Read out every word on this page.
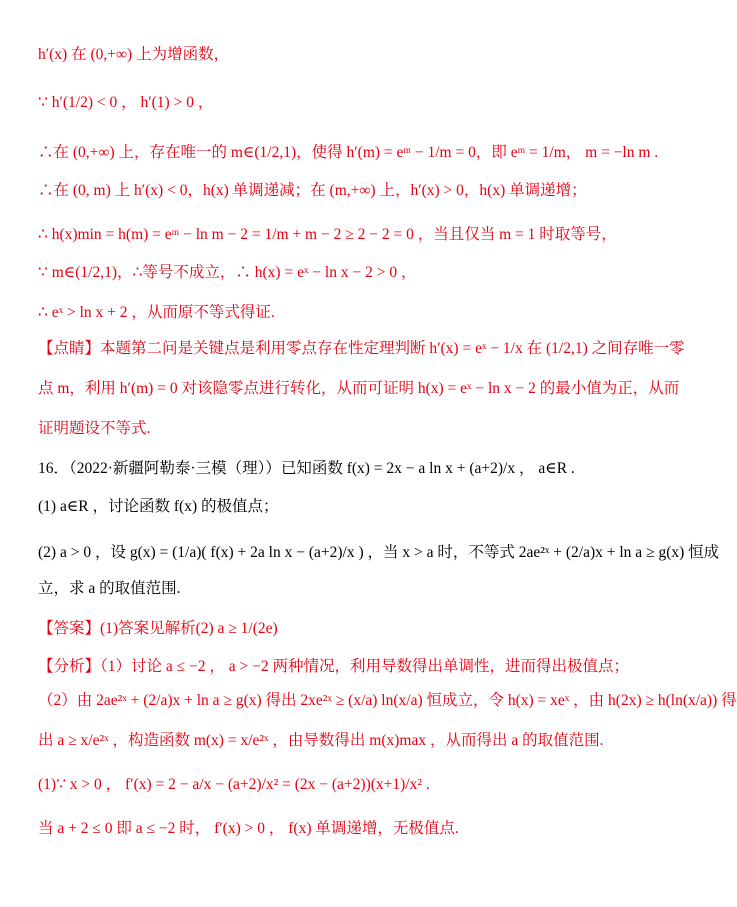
h′(x) 在 (0,+∞) 上为增函数，
∵ h′(1/2) < 0 ， h′(1) > 0 ，
∴在 (0,+∞) 上，存在唯一的 m∈(1/2,1)，使得 h′(m) = eᵐ − 1/m = 0，即 eᵐ = 1/m， m = −ln m .
∴在 (0, m) 上 h′(x) < 0，h(x) 单调递减；在 (m,+∞) 上，h′(x) > 0，h(x) 单调递增；
∴ h(x)min = h(m) = eᵐ − ln m − 2 = 1/m + m − 2 ≥ 2 − 2 = 0 ，当且仅当 m = 1 时取等号，
∵ m∈(1/2,1)，∴等号不成立，∴ h(x) = eˣ − ln x − 2 > 0 ，
∴ eˣ > ln x + 2 ，从而原不等式得证.
【点睛】本题第二问是关键点是利用零点存在性定理判断 h′(x) = eˣ − 1/x 在 (1/2,1) 之间存唯一零
点 m，利用 h′(m) = 0 对该隐零点进行转化，从而可证明 h(x) = eˣ − ln x − 2 的最小值为正，从而
证明题设不等式.
16．（2022·新疆阿勒泰·三模（理））已知函数 f(x) = 2x − a ln x + (a+2)/x ， a∈R .
(1) a∈R ，讨论函数 f(x) 的极值点；
(2) a > 0 ，设 g(x) = (1/a)( f(x) + 2a ln x − (a+2)/x ) ，当 x > a 时，不等式 2ae²ˣ + (2/a)x + ln a ≥ g(x) 恒成
立，求 a 的取值范围.
【答案】(1)答案见解析(2) a ≥ 1/(2e)
【分析】（1）讨论 a ≤ −2 ， a > −2 两种情况，利用导数得出单调性，进而得出极值点；
（2）由 2ae²ˣ + (2/a)x + ln a ≥ g(x) 得出 2xe²ˣ ≥ (x/a) ln(x/a) 恒成立，令 h(x) = xeˣ ，由 h(2x) ≥ h(ln(x/a)) 得
出 a ≥ x/e²ˣ ，构造函数 m(x) = x/e²ˣ ，由导数得出 m(x)max ，从而得出 a 的取值范围.
(1)∵ x > 0 ， f′(x) = 2 − a/x − (a+2)/x² = (2x − (a+2))(x+1)/x² .
当 a + 2 ≤ 0 即 a ≤ −2 时， f′(x) > 0 ， f(x) 单调递增，无极值点.
